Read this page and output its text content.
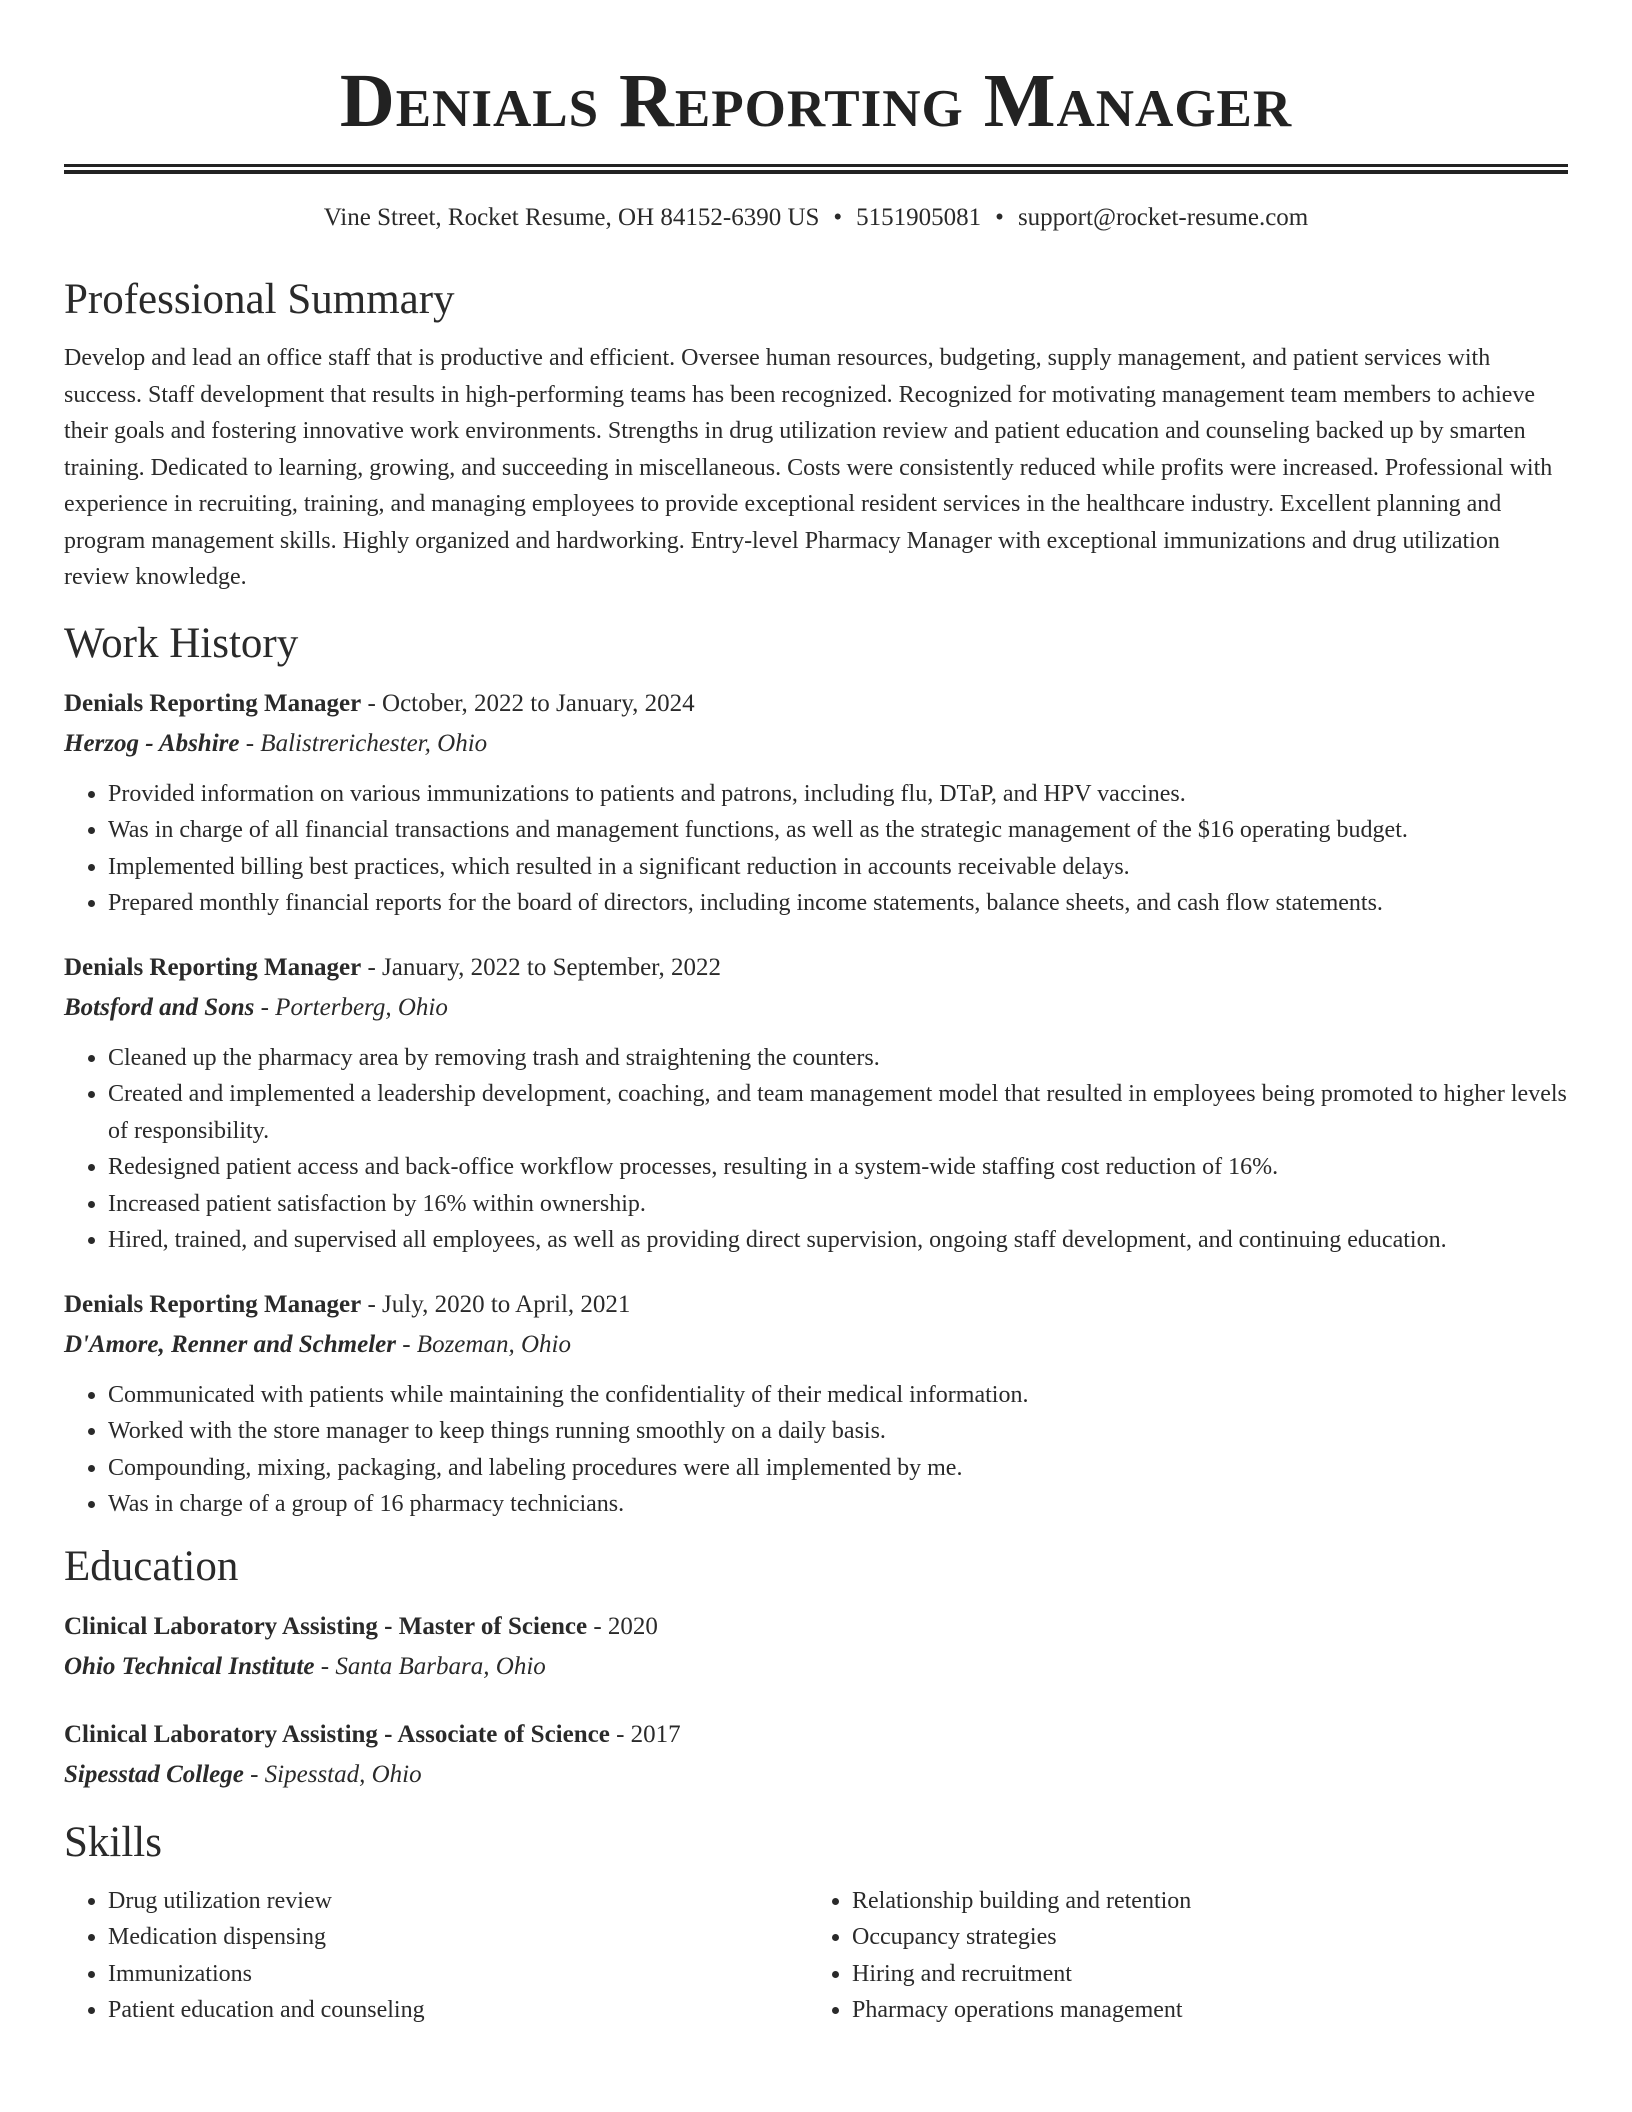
Denials Reporting Manager
Vine Street, Rocket Resume, OH 84152-6390 US • 5151905081 • support@rocket-resume.com
Professional Summary

Develop and lead an office staff that is productive and efficient. Oversee human resources, budgeting, supply management, and patient services with success. Staff development that results in high-performing teams has been recognized. Recognized for motivating management team members to achieve their goals and fostering innovative work environments. Strengths in drug utilization review and patient education and counseling backed up by smarten training. Dedicated to learning, growing, and succeeding in miscellaneous. Costs were consistently reduced while profits were increased. Professional with experience in recruiting, training, and managing employees to provide exceptional resident services in the healthcare industry. Excellent planning and program management skills. Highly organized and hardworking. Entry-level Pharmacy Manager with exceptional immunizations and drug utilization review knowledge.

Work History
Denials Reporting Manager - October, 2022 to January, 2024
Herzog - Abshire - Balistrerichester, Ohio
• Provided information on various immunizations to patients and patrons, including flu, DTaP, and HPV vaccines.
• Was in charge of all financial transactions and management functions, as well as the strategic management of the $16 operating budget.
• Implemented billing best practices, which resulted in a significant reduction in accounts receivable delays.
• Prepared monthly financial reports for the board of directors, including income statements, balance sheets, and cash flow statements.
Denials Reporting Manager - January, 2022 to September, 2022
Botsford and Sons - Porterberg, Ohio
• Cleaned up the pharmacy area by removing trash and straightening the counters.
• Created and implemented a leadership development, coaching, and team management model that resulted in employees being promoted to higher levels of responsibility.
• Redesigned patient access and back-office workflow processes, resulting in a system-wide staffing cost reduction of 16%.
• Increased patient satisfaction by 16% within ownership.
• Hired, trained, and supervised all employees, as well as providing direct supervision, ongoing staff development, and continuing education.
Denials Reporting Manager - July, 2020 to April, 2021
D'Amore, Renner and Schmeler - Bozeman, Ohio
• Communicated with patients while maintaining the confidentiality of their medical information.
• Worked with the store manager to keep things running smoothly on a daily basis.
• Compounding, mixing, packaging, and labeling procedures were all implemented by me.
• Was in charge of a group of 16 pharmacy technicians.
Education
Clinical Laboratory Assisting - Master of Science - 2020
Ohio Technical Institute - Santa Barbara, Ohio
Clinical Laboratory Assisting - Associate of Science - 2017
Sipesstad College - Sipesstad, Ohio
Skills
• Drug utilization review
• Medication dispensing
• Immunizations
• Patient education and counseling
• Relationship building and retention
• Occupancy strategies
• Hiring and recruitment
• Pharmacy operations management
